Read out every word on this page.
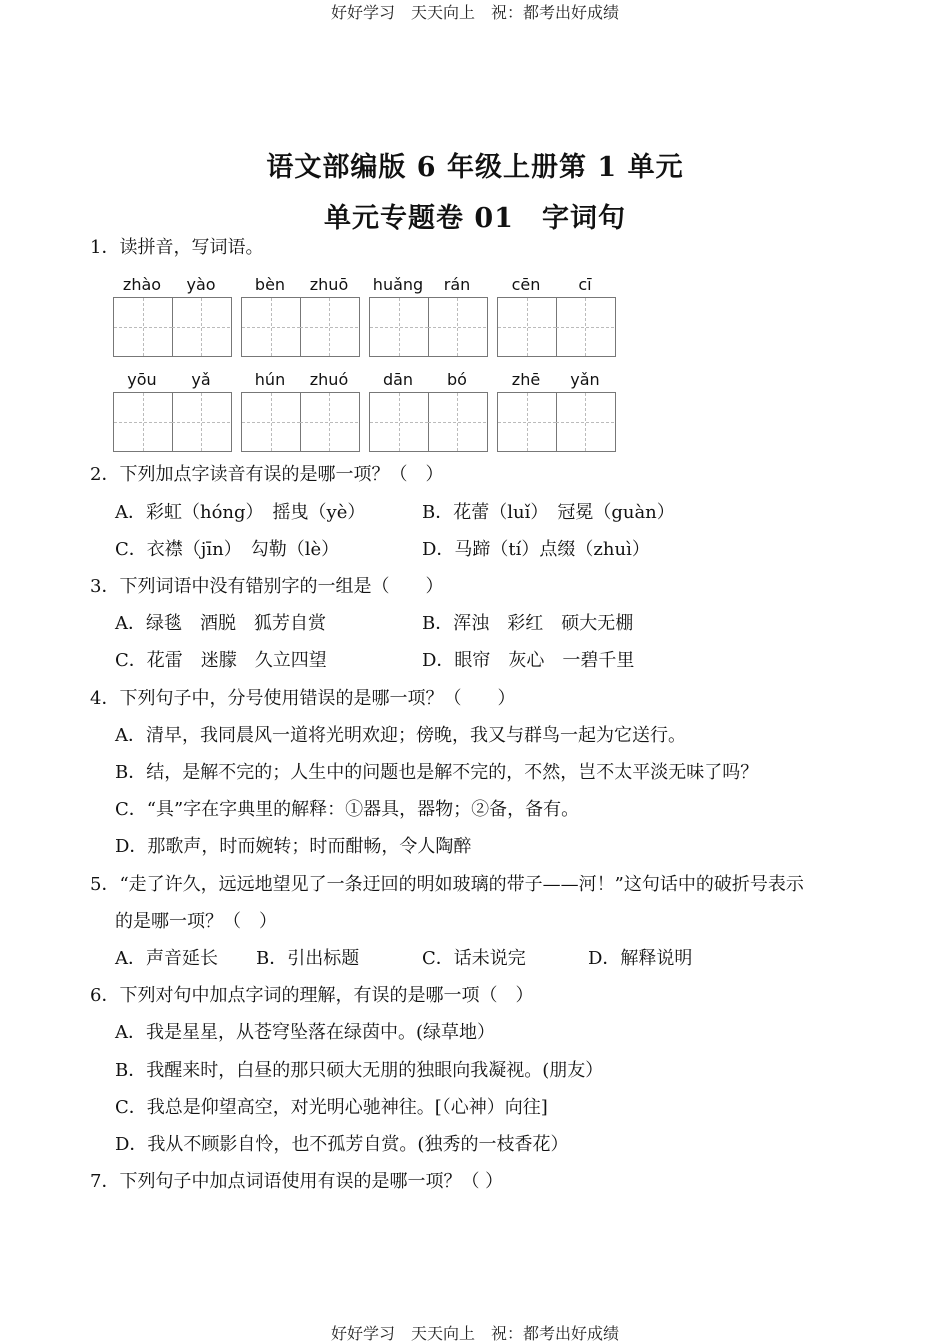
好好学习　天天向上　祝：都考出好成绩
语文部编版 6 年级上册第 1 单元
单元专题卷 01　字词句
1．读拼音，写词语。
zhào	yào	bèn	zhuō	huǎng	rán	cēn	cī
yōu	yǎ	hún	zhuó	dān	bó	zhē	yǎn
2．下列加点字读音有误的是哪一项？（　）
A．彩虹（hóng）　摇曳（yè）	B．花蕾（luǐ）　冠冕（guàn）
C．衣襟（jīn）　勾勒（lè）	D．马蹄（tí）点缀（zhuì）
3．下列词语中没有错别字的一组是（　　）
A．绿毯　酒脱　狐芳自赏	B．浑浊　彩红　硕大无棚
C．花雷　迷朦　久立四望	D．眼帘　灰心　一碧千里
4．下列句子中，分号使用错误的是哪一项？（　　）
A．清早，我同晨风一道将光明欢迎；傍晚，我又与群鸟一起为它送行。
B．结，是解不完的；人生中的问题也是解不完的，不然，岂不太平淡无味了吗？
C．“具”字在字典里的解释：①器具，器物；②备，备有。
D．那歌声，时而婉转；时而酣畅，令人陶醉
5．“走了许久，远远地望见了一条迂回的明如玻璃的带子——河！”这句话中的破折号表示
的是哪一项？（　）
A．声音延长 B．引出标题	C．话未说完	D．解释说明
6．下列对句中加点字词的理解，有误的是哪一项（　）
A．我是星星，从苍穹坠落在绿茵中。(绿草地）
B．我醒来时，白昼的那只硕大无朋的独眼向我凝视。(朋友）
C．我总是仰望高空，对光明心驰神往。[（心神）向往]
D．我从不顾影自怜，也不孤芳自赏。(独秀的一枝香花）
7．下列句子中加点词语使用有误的是哪一项？（ ）
好好学习　天天向上　祝：都考出好成绩
